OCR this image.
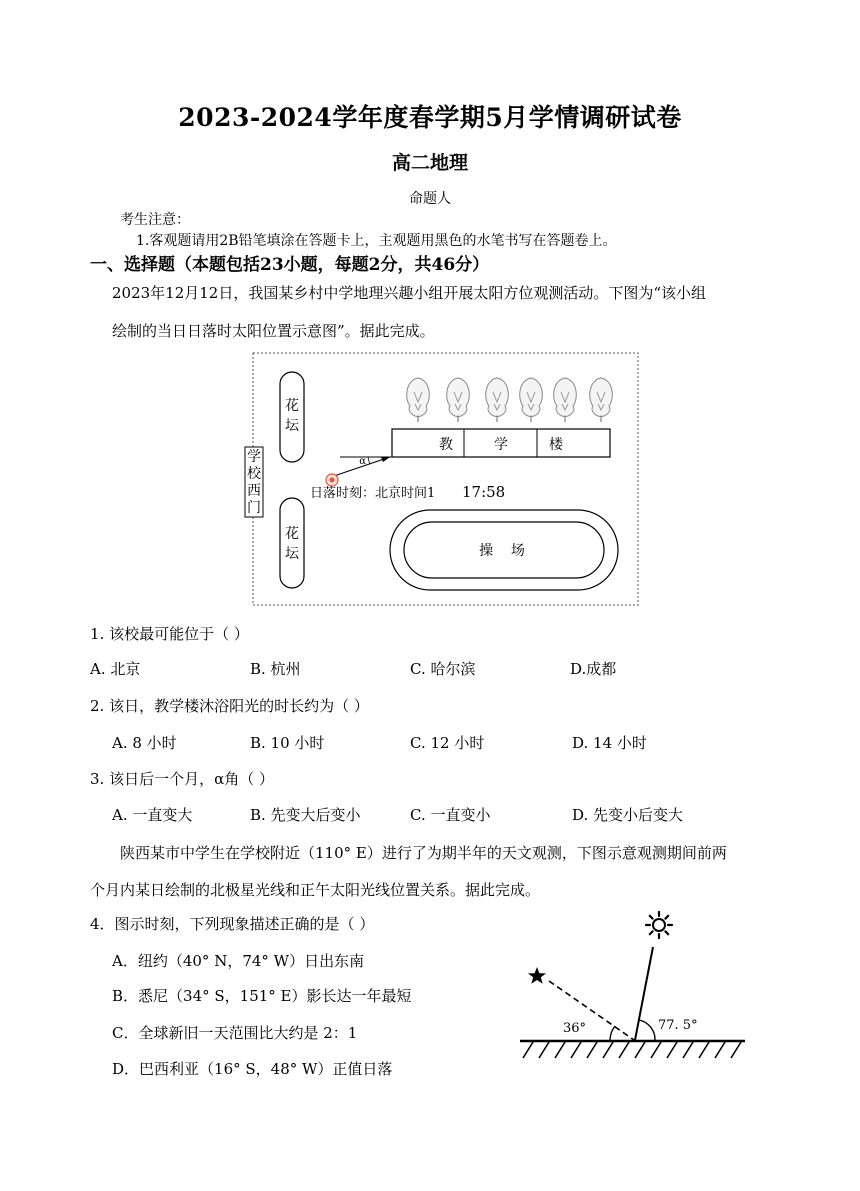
2023-2024学年度春学期5月学情调研试卷
高二地理
命题人
考生注意：
1.客观题请用2B铅笔填涂在答题卡上，主观题用黑色的水笔书写在答题卷上。
一、选择题（本题包括23小题，每题2分，共46分）
2023年12月12日，我国某乡村中学地理兴趣小组开展太阳方位观测活动。下图为“该小组
绘制的当日日落时太阳位置示意图”。据此完成。
学
校
西
门
花
坛
花
坛
教	学	楼
α
日落时刻：北京时间1 17:58
操    场
1. 该校最可能位于（ ）
A. 北京	B. 杭州	C. 哈尔滨	D.成都
2. 该日，教学楼沐浴阳光的时长约为（ ）
A. 8 小时	B. 10 小时	C. 12 小时	D. 14 小时
3. 该日后一个月，α角（ ）
A. 一直变大	B. 先变大后变小	C. 一直变小	D. 先变小后变大
陕西某市中学生在学校附近（110° E）进行了为期半年的天文观测，下图示意观测期间前两
个月内某日绘制的北极星光线和正午太阳光线位置关系。据此完成。
4．图示时刻，下列现象描述正确的是（ ）
A．纽约（40° N，74° W）日出东南
B．悉尼（34° S，151° E）影长达一年最短
C．全球新旧一天范围比大约是 2：1
D．巴西利亚（16° S，48° W）正值日落
36°	77. 5°
